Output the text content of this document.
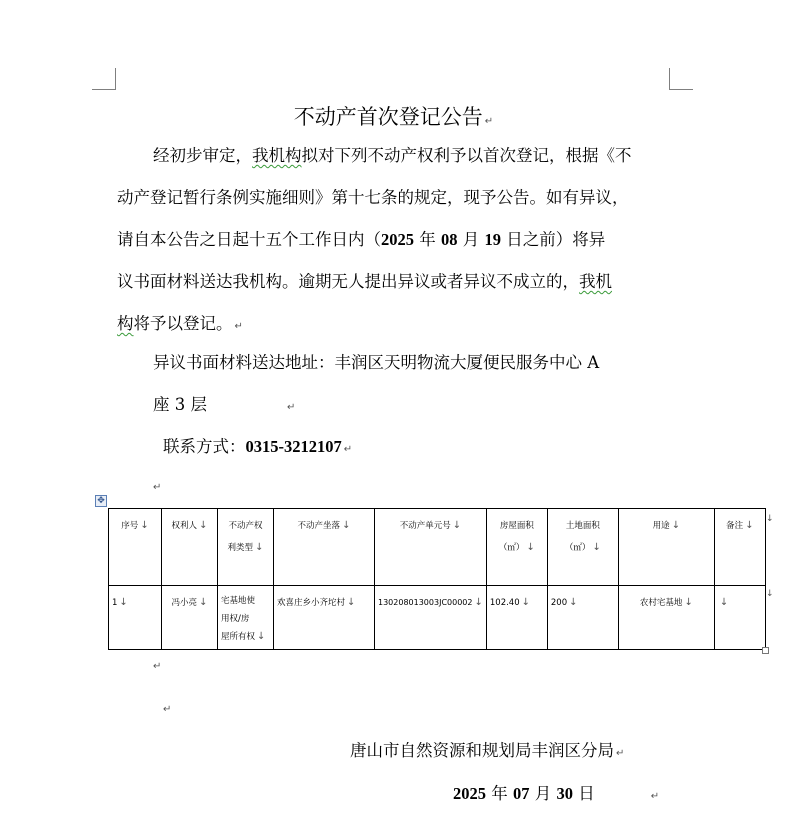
不动产首次登记公告 ↵
经初步审定，我机构拟对下列不动产权利予以首次登记，根据《不
动产登记暂行条例实施细则》第十七条的规定，现予公告。如有异议，
请自本公告之日起十五个工作日内（2025 年 08 月 19 日之前）将异
议书面材料送达我机构。逾期无人提出异议或者异议不成立的，我机
构将予以登记。 ↵
异议书面材料送达地址：丰润区天明物流大厦便民服务中心 A
座 3 层	↵
联系方式：0315-3212107 ↵
↵
✥
序号 ↓	权利人 ↓	不动产权
利类型 ↓	不动产坐落 ↓	不动产单元号 ↓	房屋面积
（㎡） ↓	土地面积
（㎡） ↓	用途 ↓	备注 ↓
1 ↓	冯小亮 ↓	宅基地使
用权/房
屋所有权 ↓	欢喜庄乡小齐坨村 ↓	130208013003JC00002 ↓	102.40 ↓	200 ↓	农村宅基地 ↓	↓
↓
↓
↵
↵
唐山市自然资源和规划局丰润区分局 ↵
2025 年 07 月 30 日	↵
